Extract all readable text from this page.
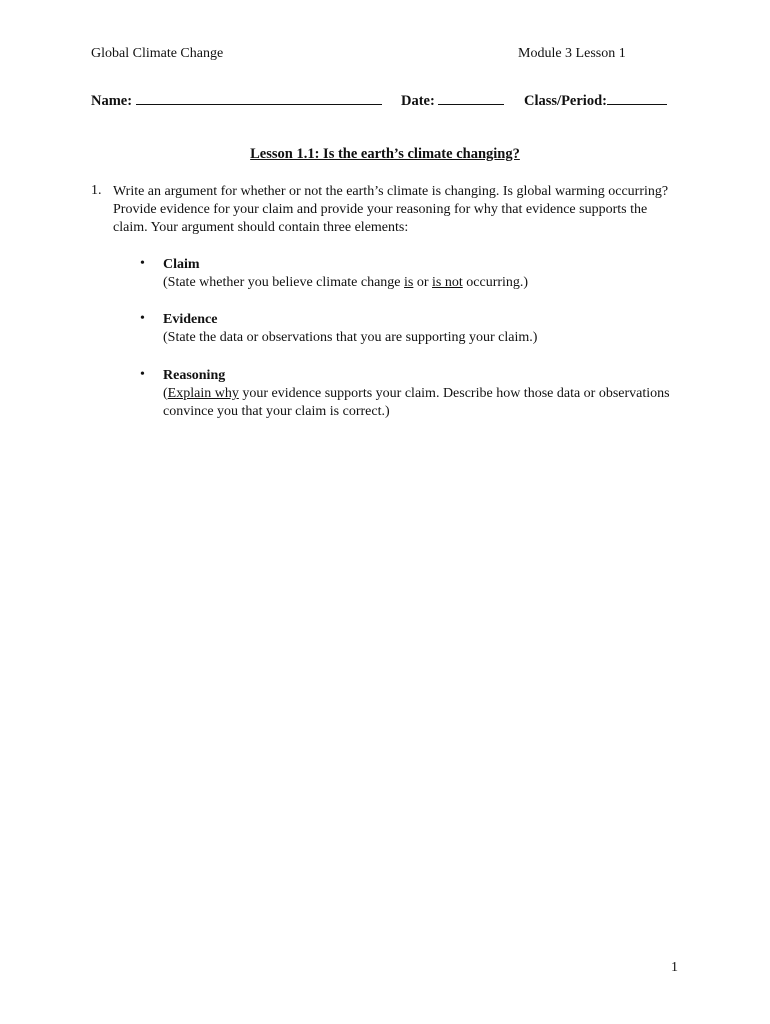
Global Climate Change	Module 3 Lesson 1
Name:	Date:	Class/Period:
Lesson 1.1: Is the earth’s climate changing?
1. Write an argument for whether or not the earth’s climate is changing. Is global warming occurring? Provide evidence for your claim and provide your reasoning for why that evidence supports the claim. Your argument should contain three elements:
• Claim
(State whether you believe climate change is or is not occurring.)
• Evidence
(State the data or observations that you are supporting your claim.)
• Reasoning
(Explain why your evidence supports your claim. Describe how those data or observations convince you that your claim is correct.)
1
